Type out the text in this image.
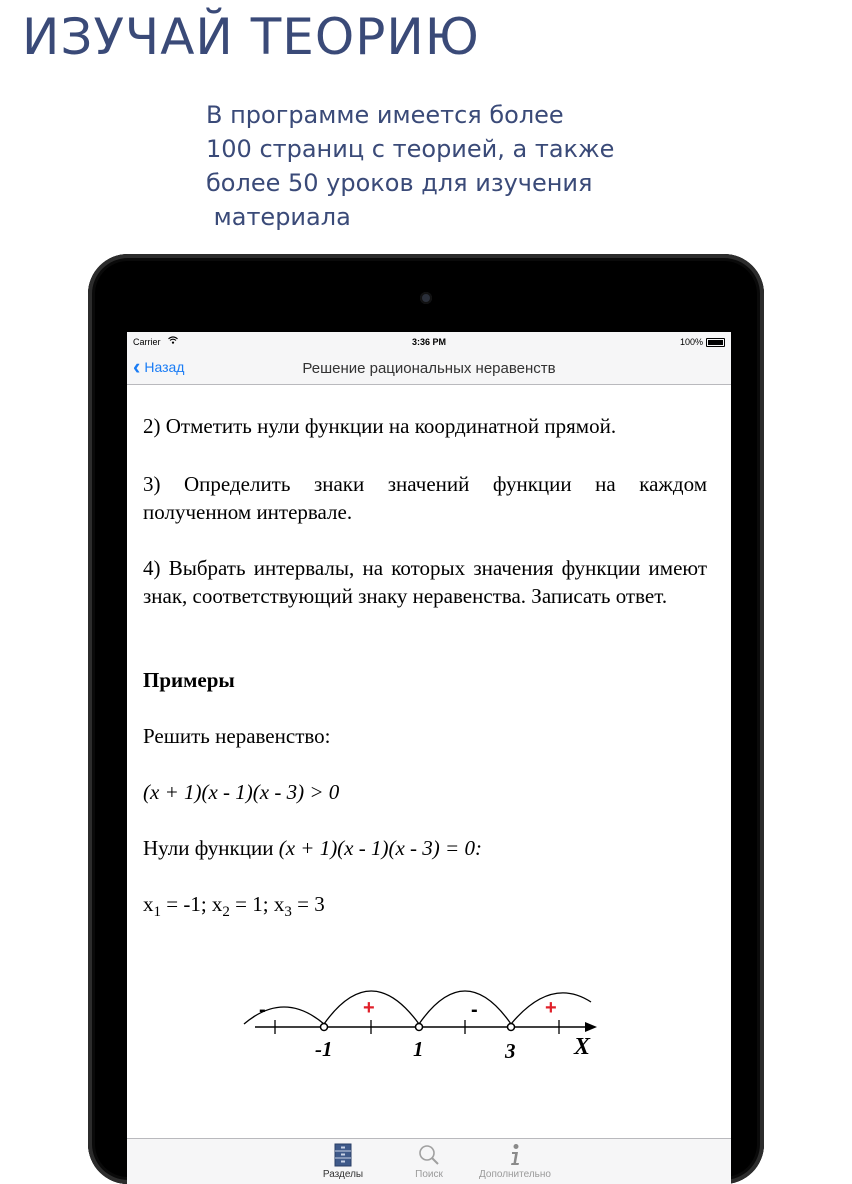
ИЗУЧАЙ ТЕОРИЮ
В программе имеется более
100 страниц с теорией, а также
более 50 уроков для изучения
материала
Carrier	3:36 PM	100%
‹ Назад	Решение рациональных неравенств

2) Отметить нули функции на координатной прямой.

3) Определить знаки значений функции на каждом полученном интервале.

4) Выбрать интервалы, на которых значения функции имеют знак, соответствующий знаку неравенства. Записать ответ.

Примеры

Решить неравенство:

(x + 1)(x - 1)(x - 3) > 0

Нули функции (x + 1)(x - 1)(x - 3) = 0:

$x_1 = -1$; $x_2 = 1$; $x_3 = 3$

-	+	-	+
-1	1	3 X
Разделы	Поиск	Дополнительно
